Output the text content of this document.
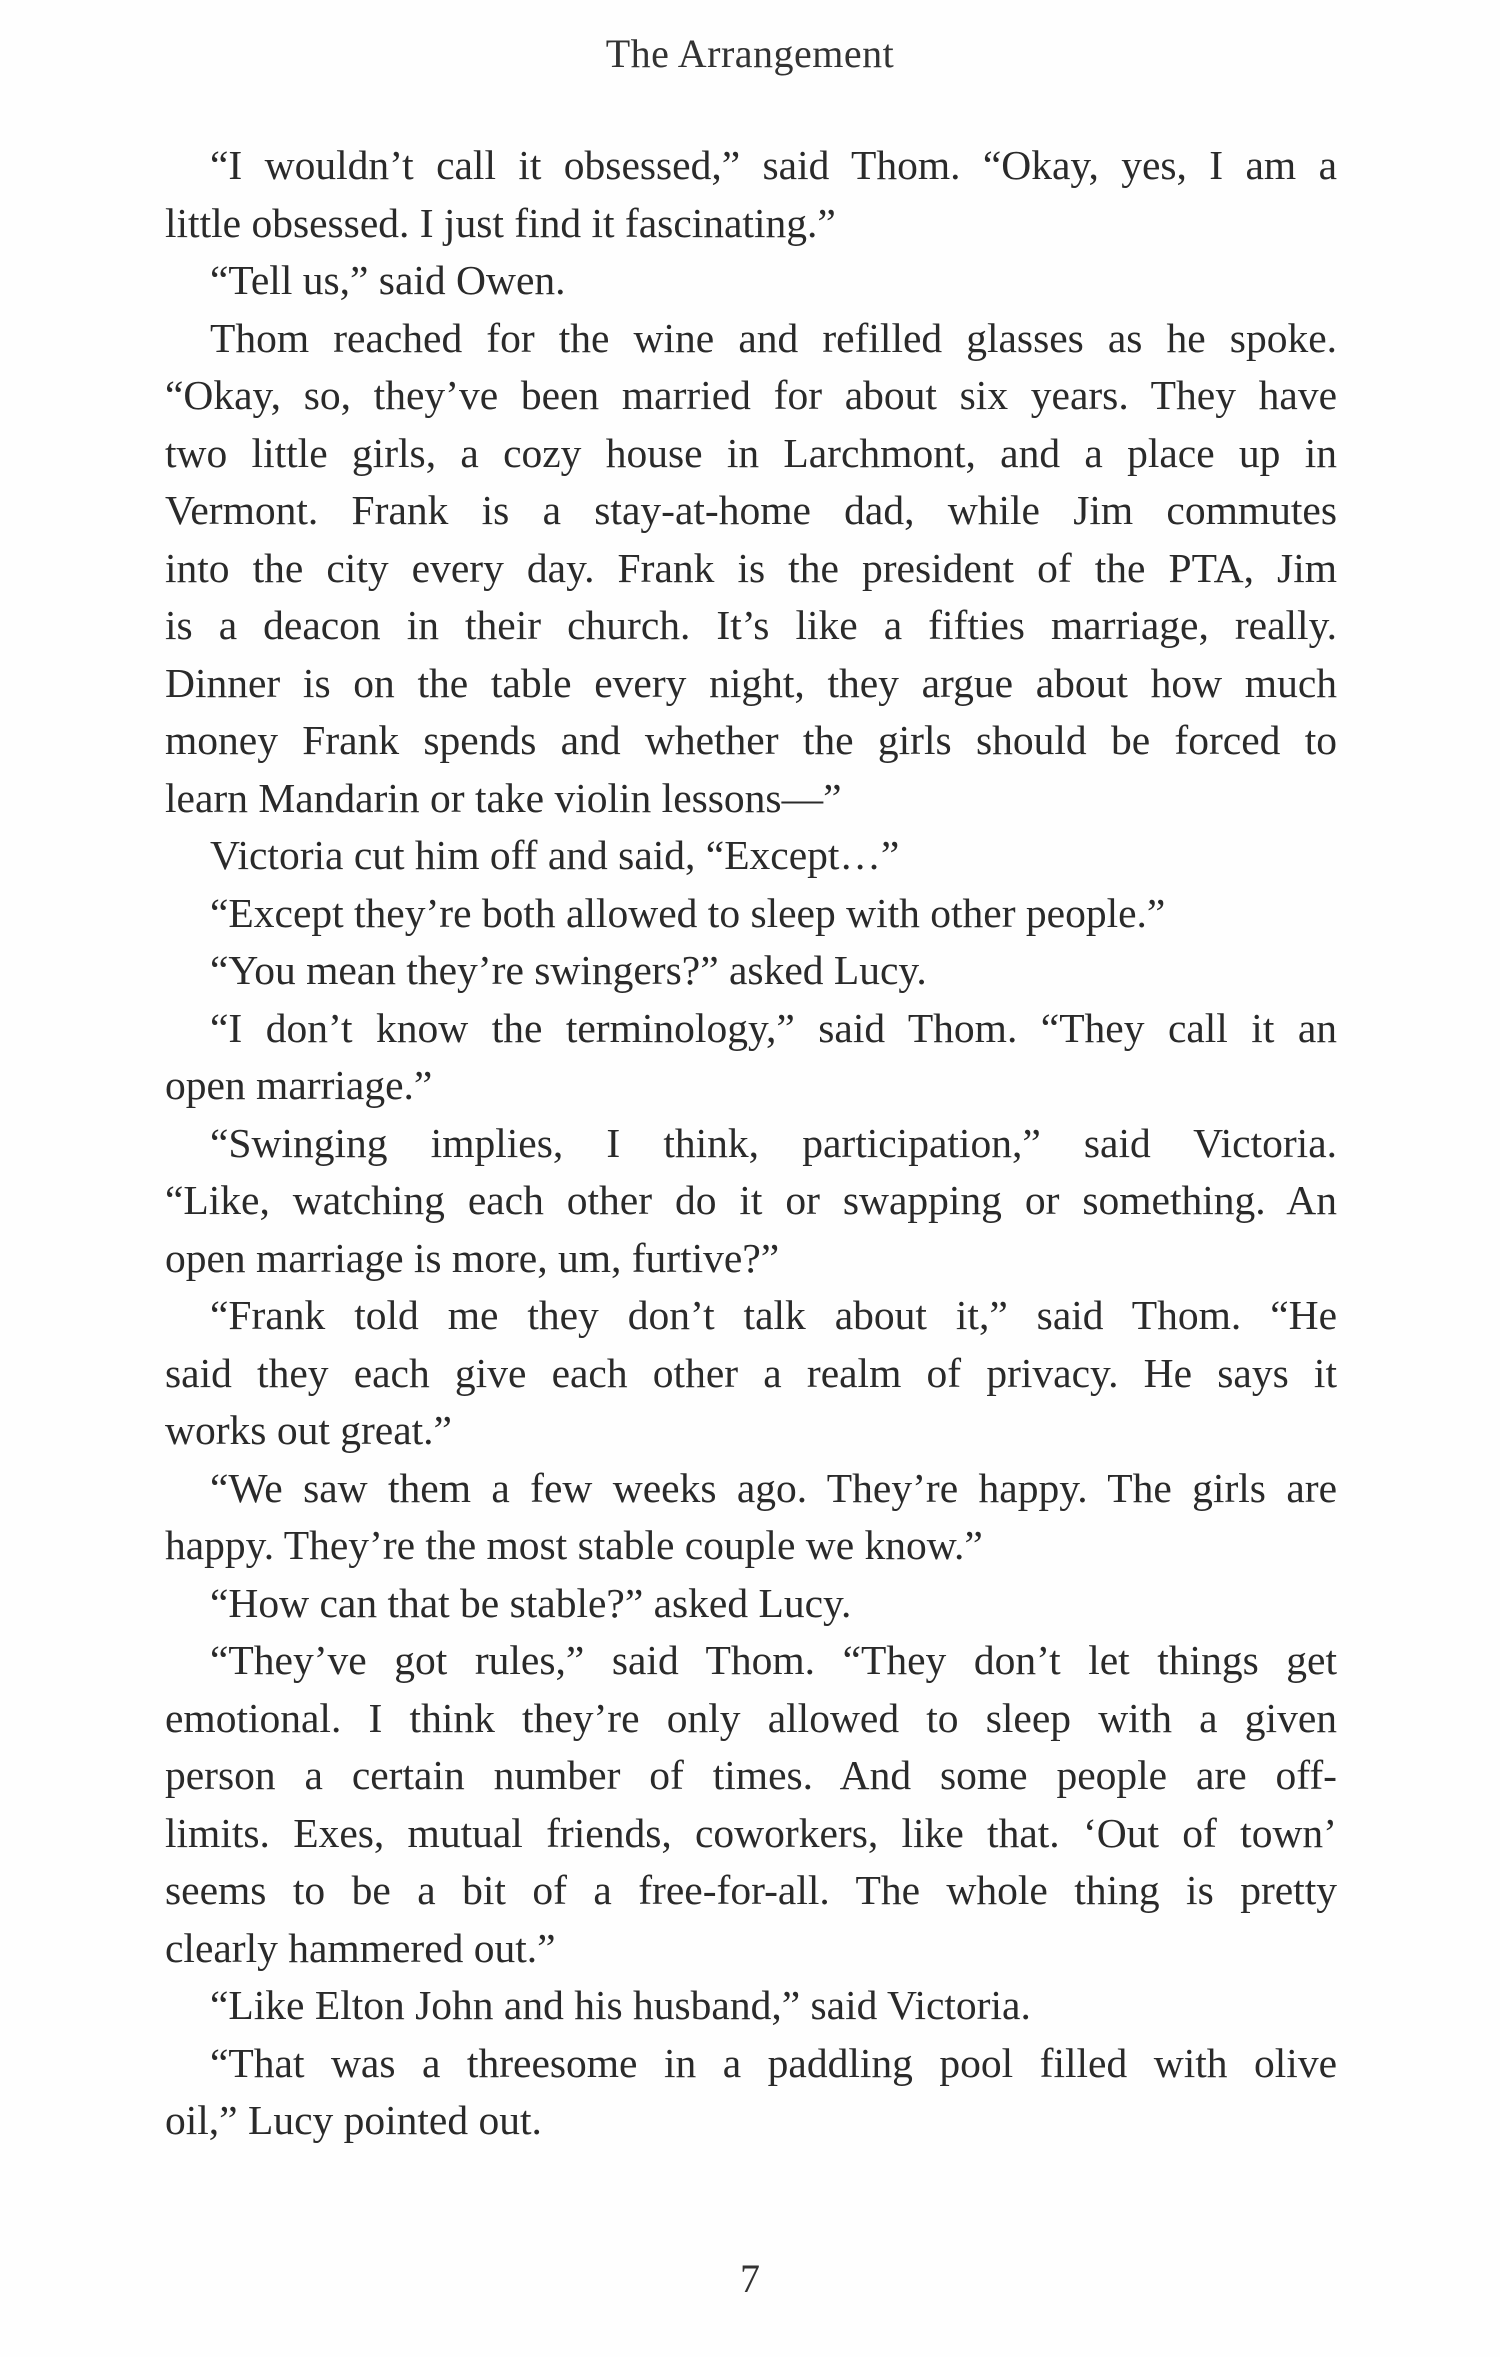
The Arrangement
“I wouldn’t call it obsessed,” said Thom. “Okay, yes, I am a
little obsessed. I just find it fascinating.”
“Tell us,” said Owen.
Thom reached for the wine and refilled glasses as he spoke.
“Okay, so, they’ve been married for about six years. They have
two little girls, a cozy house in Larchmont, and a place up in
Vermont. Frank is a stay-at-home dad, while Jim commutes
into the city every day. Frank is the president of the PTA, Jim
is a deacon in their church. It’s like a fifties marriage, really.
Dinner is on the table every night, they argue about how much
money Frank spends and whether the girls should be forced to
learn Mandarin or take violin lessons—”
Victoria cut him off and said, “Except…”
“Except they’re both allowed to sleep with other people.”
“You mean they’re swingers?” asked Lucy.
“I don’t know the terminology,” said Thom. “They call it an
open marriage.”
“Swinging implies, I think, participation,” said Victoria.
“Like, watching each other do it or swapping or something. An
open marriage is more, um, furtive?”
“Frank told me they don’t talk about it,” said Thom. “He
said they each give each other a realm of privacy. He says it
works out great.”
“We saw them a few weeks ago. They’re happy. The girls are
happy. They’re the most stable couple we know.”
“How can that be stable?” asked Lucy.
“They’ve got rules,” said Thom. “They don’t let things get
emotional. I think they’re only allowed to sleep with a given
person a certain number of times. And some people are off-
limits. Exes, mutual friends, coworkers, like that. ‘Out of town’
seems to be a bit of a free-for-all. The whole thing is pretty
clearly hammered out.”
“Like Elton John and his husband,” said Victoria.
“That was a threesome in a paddling pool filled with olive
oil,” Lucy pointed out.
7
